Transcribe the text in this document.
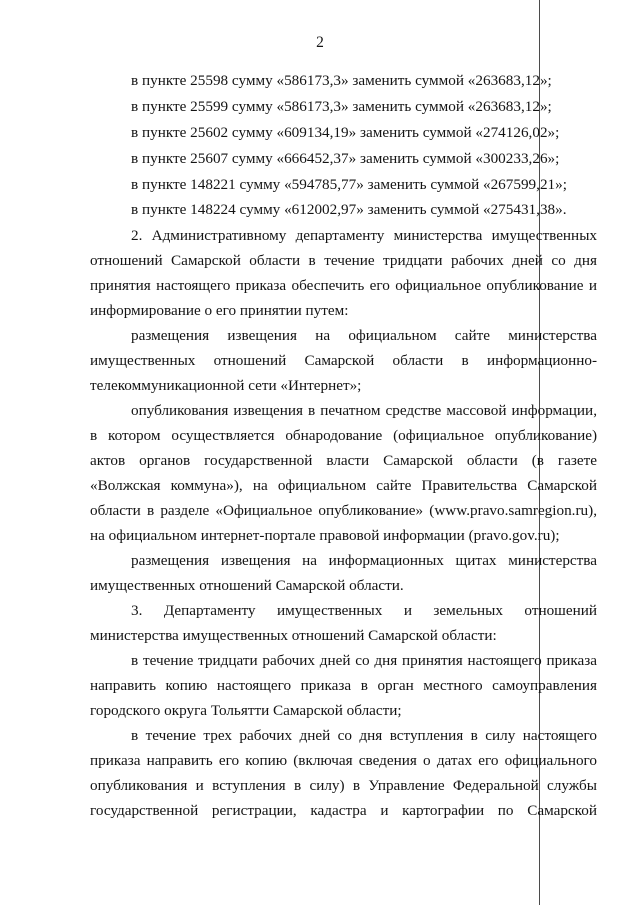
2
в пункте 25598 сумму «586173,3» заменить суммой «263683,12»;
в пункте 25599 сумму «586173,3» заменить суммой «263683,12»;
в пункте 25602 сумму «609134,19» заменить суммой «274126,02»;
в пункте 25607 сумму «666452,37» заменить суммой «300233,26»;
в пункте 148221 сумму «594785,77» заменить суммой «267599,21»;
в пункте 148224 сумму «612002,97» заменить суммой «275431,38».
2. Административному департаменту министерства имущественных
отношений Самарской области в течение тридцати рабочих дней со дня
принятия настоящего приказа обеспечить его официальное опубликование и
информирование о его принятии путем:
размещения извещения на официальном сайте министерства
имущественных отношений Самарской области в информационно-
телекоммуникационной сети «Интернет»;
опубликования извещения в печатном средстве массовой информации,
в котором осуществляется обнародование (официальное опубликование)
актов органов государственной власти Самарской области (в газете
«Волжская коммуна»), на официальном сайте Правительства Самарской
области в разделе «Официальное опубликование» (www.pravo.samregion.ru),
на официальном интернет-портале правовой информации (pravo.gov.ru);
размещения извещения на информационных щитах министерства
имущественных отношений Самарской области.
3. Департаменту имущественных и земельных отношений
министерства имущественных отношений Самарской области:
в течение тридцати рабочих дней со дня принятия настоящего приказа
направить копию настоящего приказа в орган местного самоуправления
городского округа Тольятти Самарской области;
в течение трех рабочих дней со дня вступления в силу настоящего
приказа направить его копию (включая сведения о датах его официального
опубликования и вступления в силу) в Управление Федеральной службы
государственной регистрации, кадастра и картографии по Самарской
